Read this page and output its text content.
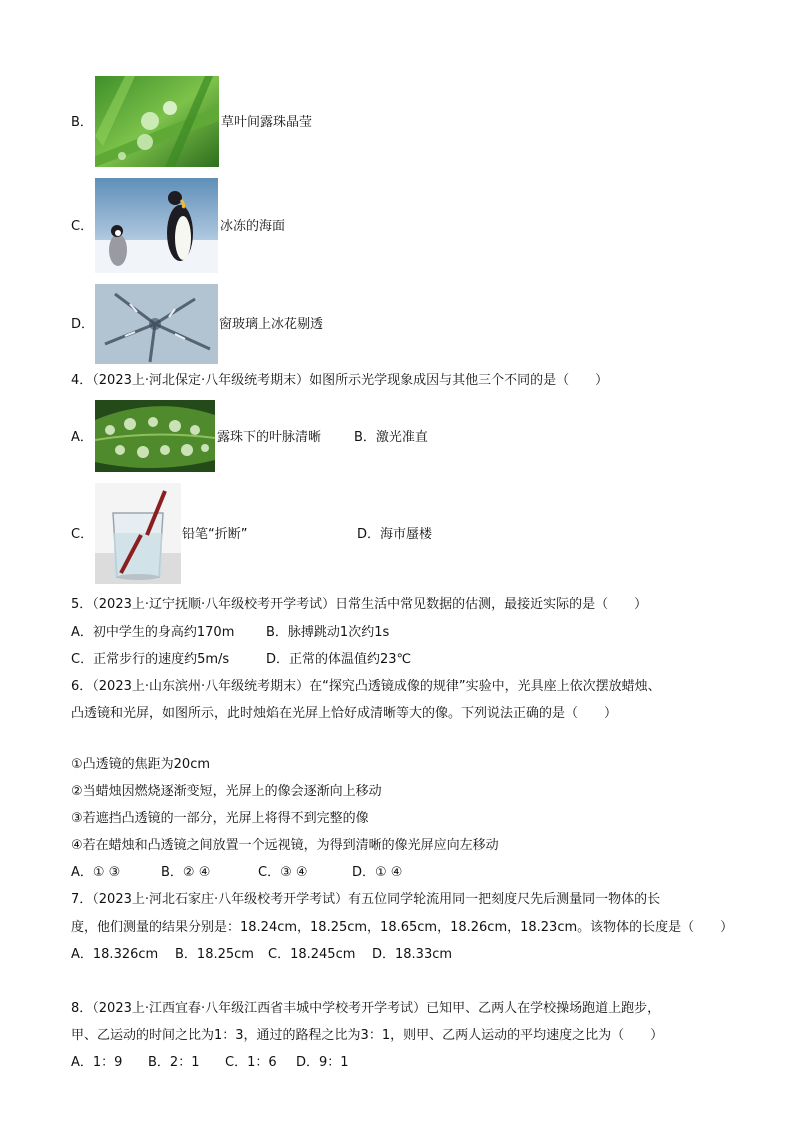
B．	草叶间露珠晶莹
C．	冰冻的海面
D．	窗玻璃上冰花剔透
4．（2023上·河北保定·八年级统考期末）如图所示光学现象成因与其他三个不同的是（　　）
A．	露珠下的叶脉清晰	B．激光准直
C．	铅笔“折断”	D．海市蜃楼
5．（2023上·辽宁抚顺·八年级校考开学考试）日常生活中常见数据的估测，最接近实际的是（　　）
A．初中学生的身高约170m B．脉搏跳动1次约1s
C．正常步行的速度约5m/s	D．正常的体温值约23℃
6．（2023上·山东滨州·八年级统考期末）在“探究凸透镜成像的规律”实验中，光具座上依次摆放蜡烛、
凸透镜和光屏，如图所示，此时烛焰在光屏上恰好成清晰等大的像。下列说法正确的是（　　）
①凸透镜的焦距为20cm
②当蜡烛因燃烧逐渐变短，光屏上的像会逐渐向上移动
③若遮挡凸透镜的一部分，光屏上将得不到完整的像
④若在蜡烛和凸透镜之间放置一个远视镜，为得到清晰的像光屏应向左移动
A．① ③	B．② ④	C．③ ④	D．① ④
7．（2023上·河北石家庄·八年级校考开学考试）有五位同学轮流用同一把刻度尺先后测量同一物体的长
度，他们测量的结果分别是：18.24cm，18.25cm，18.65cm，18.26cm，18.23cm。该物体的长度是（　　）
A．18.326cm B．18.25cm C．18.245cm D．18.33cm
8．（2023上·江西宜春·八年级江西省丰城中学校考开学考试）已知甲、乙两人在学校操场跑道上跑步，
甲、乙运动的时间之比为1：3，通过的路程之比为3：1，则甲、乙两人运动的平均速度之比为（　　）
A．1：9 B．2：1 C．1：6 D．9：1
